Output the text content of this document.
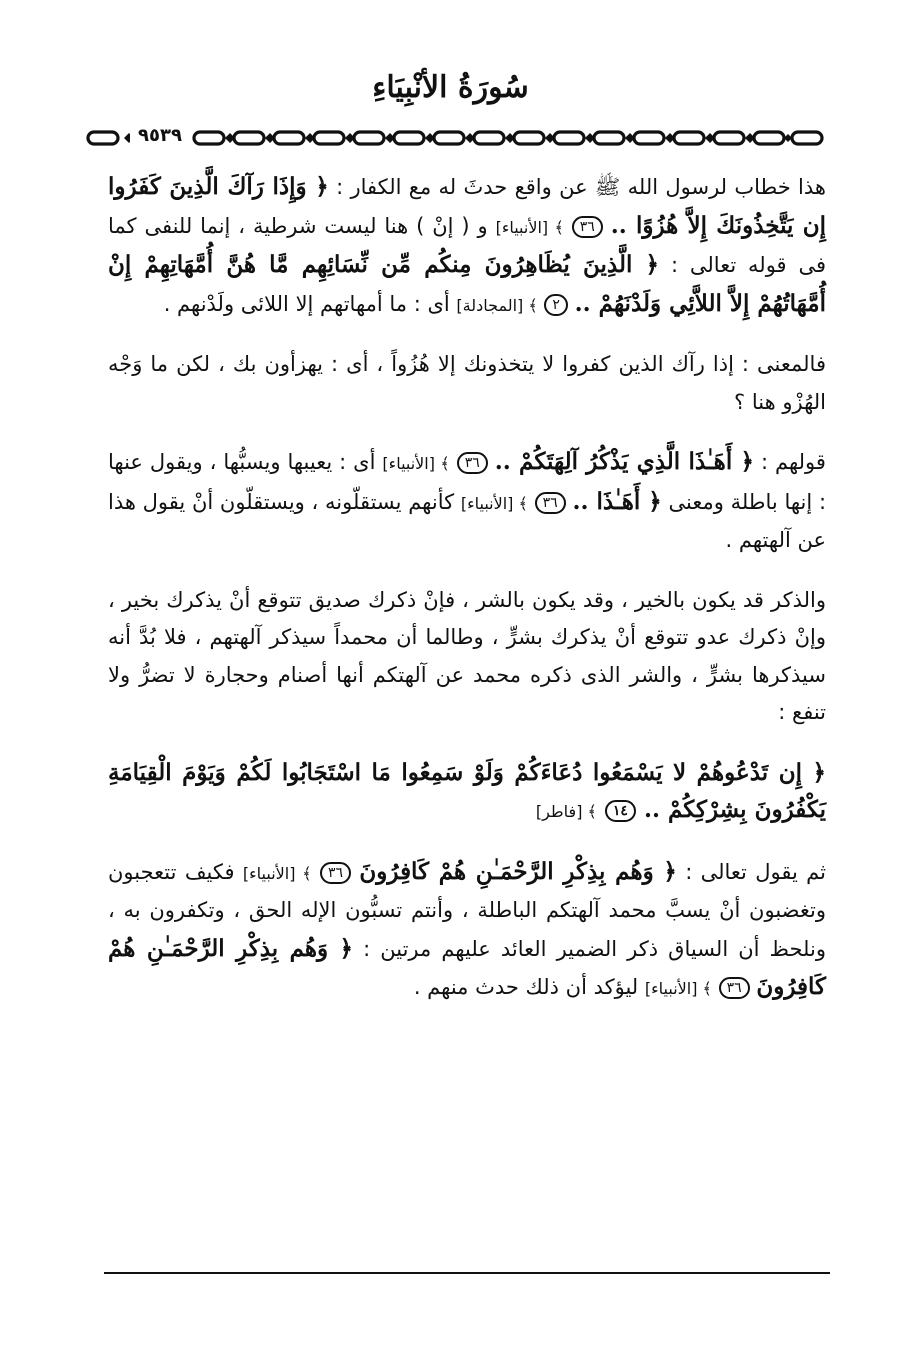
سُورَةُ الأنْبِيَاءِ
٩٥٣٩

هذا خطاب لرسول الله ﷺ عن واقع حدثَ له مع الكفار : ﴿ وَإِذَا رَآكَ الَّذِينَ كَفَرُوا إِن يَتَّخِذُونَكَ إِلاَّ هُزُوًا .. ٣٦ ﴾ [الأنبياء] و ( إنْ ) هنا ليست شرطية ، إنما للنفى كما فى قوله تعالى : ﴿ الَّذِينَ يُظَاهِرُونَ مِنكُم مِّن نِّسَائِهِم مَّا هُنَّ أُمَّهَاتِهِمْ إِنْ أُمَّهَاتُهُمْ إِلاَّ اللاَّئِي وَلَدْنَهُمْ .. ٢ ﴾ [المجادلة] أى : ما أمهاتهم إلا اللائى ولَدْنهم .

فالمعنى : إذا رآك الذين كفروا لا يتخذونك إلا هُزُواً ، أى : يهزأون بك ، لكن ما وَجْه الهُزْو هنا ؟

قولهم : ﴿ أَهَـٰذَا الَّذِي يَذْكُرُ آلِهَتَكُمْ .. ٣٦ ﴾ [الأنبياء] أى : يعيبها ويسبُّها ، ويقول عنها : إنها باطلة ومعنى ﴿ أَهَـٰذَا .. ٣٦ ﴾ [الأنبياء] كأنهم يستقلّونه ، ويستقلّون أنْ يقول هذا عن آلهتهم .

والذكر قد يكون بالخير ، وقد يكون بالشر ، فإنْ ذكرك صديق تتوقع أنْ يذكرك بخير ، وإنْ ذكرك عدو تتوقع أنْ يذكرك بشرٍّ ، وطالما أن محمداً سيذكر آلهتهم ، فلا بُدَّ أنه سيذكرها بشرٍّ ، والشر الذى ذكره محمد عن آلهتكم أنها أصنام وحجارة لا تضرُّ ولا تنفع :

﴿ إِن تَدْعُوهُمْ لا يَسْمَعُوا دُعَاءَكُمْ وَلَوْ سَمِعُوا مَا اسْتَجَابُوا لَكُمْ وَيَوْمَ الْقِيَامَةِ يَكْفُرُونَ بِشِرْكِكُمْ .. ١٤ ﴾ [فاطر]

ثم يقول تعالى : ﴿ وَهُم بِذِكْرِ الرَّحْمَـٰنِ هُمْ كَافِرُونَ ٣٦ ﴾ [الأنبياء] فكيف تتعجبون وتغضبون أنْ يسبَّ محمد آلهتكم الباطلة ، وأنتم تسبُّون الإله الحق ، وتكفرون به ، ونلحظ أن السياق ذكر الضمير العائد عليهم مرتين : ﴿ وَهُم بِذِكْرِ الرَّحْمَـٰنِ هُمْ كَافِرُونَ ٣٦ ﴾ [الأنبياء] ليؤكد أن ذلك حدث منهم .
